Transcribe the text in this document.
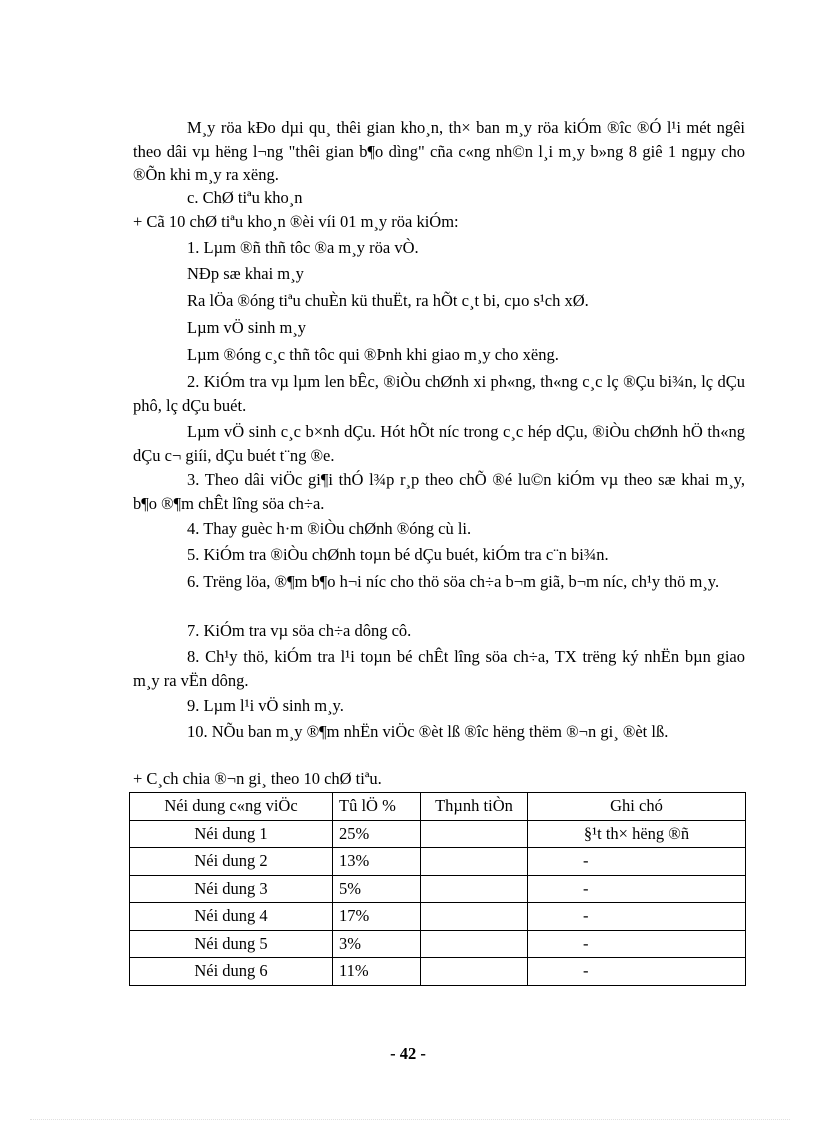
M¸y röa kÐo dµi qu¸ thêi gian kho¸n, th× ban m¸y röa kiÓm ®îc ®Ó l¹i mét ngêi theo dâi vµ hëng l¬ng "thêi gian b¶o dìng" cña c«ng nh©n l¸i m¸y b»ng 8 giê 1 ngµy cho ®Õn khi m¸y ra xëng.
c. ChØ tiªu kho¸n
+ Cã 10 chØ tiªu kho¸n ®èi víi 01 m¸y röa kiÓm:
1. Lµm ®ñ thñ tôc ®a m¸y röa vÒ.
NÐp sæ khai m¸y
Ra lÖa ®óng tiªu chuÈn kü thuËt, ra hÕt c¸t bi, cµo s¹ch xØ.
Lµm vÖ sinh m¸y
Lµm ®óng c¸c thñ tôc qui ®Þnh khi giao m¸y cho xëng.
2. KiÓm tra vµ lµm len bÊc, ®iÒu chØnh xi ph«ng, th«ng c¸c lç ®Çu bi¾n, lç dÇu phô, lç dÇu buét.
Lµm vÖ sinh c¸c b×nh dÇu. Hót hÕt níc trong c¸c hép dÇu, ®iÒu chØnh hÖ th«ng dÇu c¬ giíi, dÇu buét t¨ng ®e.
3. Theo dâi viÖc gi¶i thÓ l¾p r¸p theo chÕ ®é lu©n kiÓm vµ theo sæ khai m¸y, b¶o ®¶m chÊt lîng söa ch÷a.
4. Thay guèc h·m ®iÒu chØnh ®óng cù li.
5. KiÓm tra ®iÒu chØnh toµn bé dÇu buét, kiÓm tra c¨n bi¾n.
6. Trëng löa, ®¶m b¶o h¬i níc cho thö söa ch÷a b¬m giã, b¬m níc, ch¹y thö m¸y.
7. KiÓm tra vµ söa ch÷a dông cô.
8. Ch¹y thö, kiÓm tra l¹i toµn bé chÊt lîng söa ch÷a, TX trëng ký nhËn bµn giao m¸y ra vËn dông.
9. Lµm l¹i vÖ sinh m¸y.
10. NÕu ban m¸y ®¶m nhËn viÖc ®èt lß ®îc hëng thëm ®¬n gi¸ ®èt lß.
+ C¸ch chia ®¬n gi¸ theo 10 chØ tiªu.
Néi dung c«ng viÖc	Tû lÖ %	Thµnh tiÒn	Ghi chó
Néi dung 1	25%		§¹t th× hëng ®ñ
Néi dung 2	13%		-
Néi dung 3	5%		-
Néi dung 4	17%		-
Néi dung 5	3%		-
Néi dung 6	11%		-
- 42 -
